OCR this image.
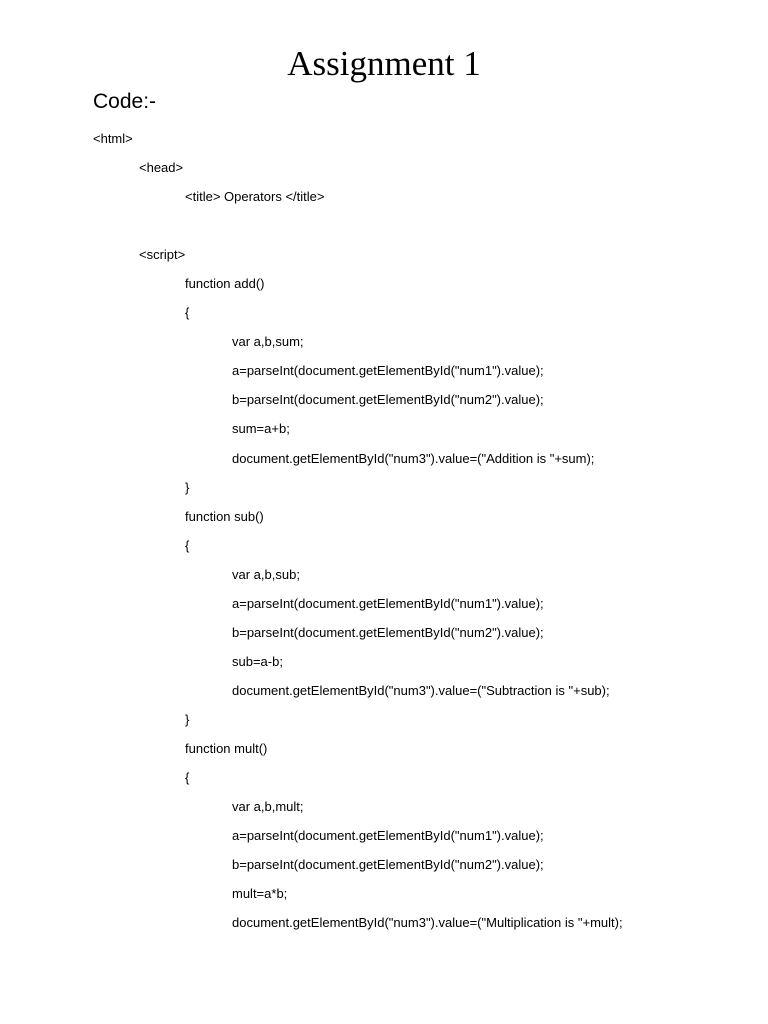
Assignment 1
Code:-
<html>
<head>
<title> Operators </title>
<script>
function add()
{
var a,b,sum;
a=parseInt(document.getElementById("num1").value);
b=parseInt(document.getElementById("num2").value);
sum=a+b;
document.getElementById("num3").value=("Addition is "+sum);
}
function sub()
{
var a,b,sub;
a=parseInt(document.getElementById("num1").value);
b=parseInt(document.getElementById("num2").value);
sub=a-b;
document.getElementById("num3").value=("Subtraction is "+sub);
}
function mult()
{
var a,b,mult;
a=parseInt(document.getElementById("num1").value);
b=parseInt(document.getElementById("num2").value);
mult=a*b;
document.getElementById("num3").value=("Multiplication is "+mult);
